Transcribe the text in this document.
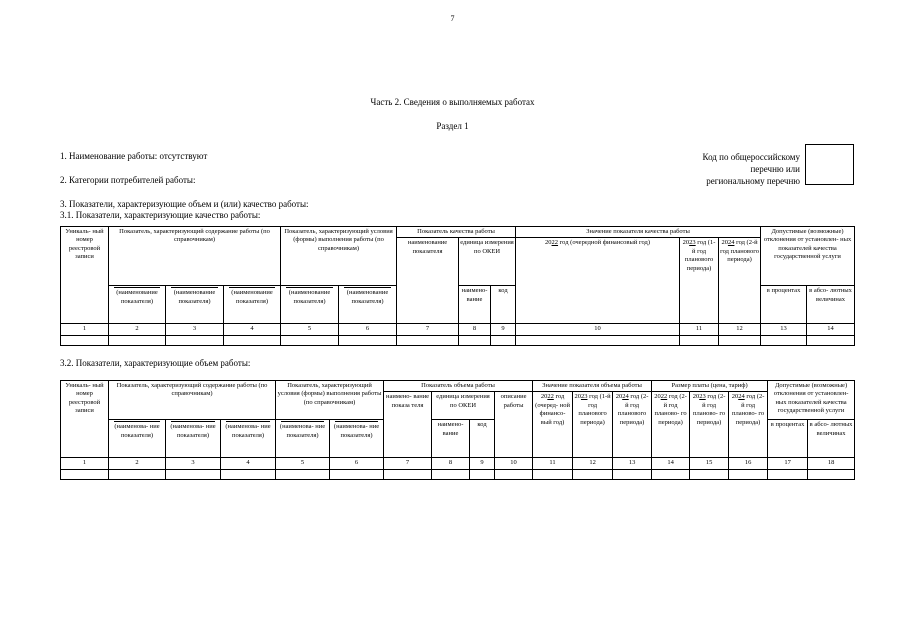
7
Часть 2. Сведения о выполняемых работах
Раздел 1
1. Наименование работы: отсутствуют
2. Категории потребителей работы:
Код по общероссийскому
перечню или
региональному перечню
3. Показатели, характеризующие объем и (или) качество работы:
3.1. Показатели, характеризующие качество работы:
Уникаль- ный номер реестровой записи	Показатель, характеризующий содержание работы (по справочникам)			Показатель, характеризующий условия (формы) выполнения работы (по справочникам)		Показатель качества работы			Значение показателя качества работы			Допустимые (возможные) отклонения от установлен- ных показателей качества государственной услуги	
						наименование показателя	единица измерения по ОКЕИ		2022 год (очередной финансовый год)	2023 год (1-й год планового периода)	2024 год (2-й год планового периода)		

(наименование показателя)	(наименование показателя)	(наименование показателя)	(наименование показателя)	(наименование показателя)		наимено- вание	код				в процентах	в абсо- лютных величинах
1	2	3	4	5	6	7	8	9	10	11	12	13	14

3.2. Показатели, характеризующие объем работы:
Уникаль- ный номер реестровой записи	Показатель, характеризующий содержание работы (по справочникам)			Показатель, характеризующий условия (формы) выполнения работы (по справочникам)		Показатель объема работы				Значение показателя объема работы			Размер платы (цена, тариф)			Допустимые (возможные) отклонения от установлен- ных показателей качества государственной услуги	
						наимено- вание показа теля	единица измерения по ОКЕИ		описание работы	2022 год (очеред- ной финансо- вый год)	2023 год (1-й год планового периода)	2024 год (2-й год планового периода)	2022 год (2-й год планово- го периода)	2023 год (2-й год планово- го периода)	2024 год (2-й год планово- го периода)		

(наименова- ние показателя)	(наименова- ние показателя)	(наименова- ние показателя)	(наименова- ние показателя)	(наименова- ние показателя)		наимено- вание	код								в процентах	в абсо- лютных величинах
1	2	3	4	5	6	7	8	9	10	11	12	13	14	15	16	17	18
